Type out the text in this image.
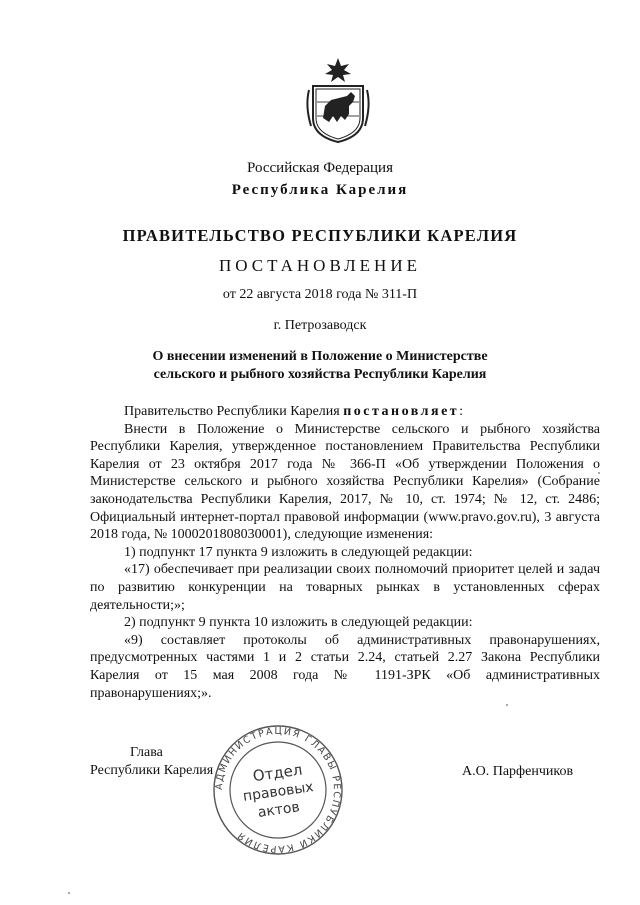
Российская Федерация
Республика Карелия
ПРАВИТЕЛЬСТВО РЕСПУБЛИКИ КАРЕЛИЯ
ПОСТАНОВЛЕНИЕ
от 22 августа 2018 года № 311-П
г. Петрозаводск
О внесении изменений в Положение о Министерстве
сельского и рыбного хозяйства Республики Карелия

Правительство Республики Карелия постановляет:

Внести в Положение о Министерстве сельского и рыбного хозяйства Республики Карелия, утвержденное постановлением Правительства Республики Карелия от 23 октября 2017 года № 366-П «Об утверждении Положения о Министерстве сельского и рыбного хозяйства Республики Карелия» (Собрание законодательства Республики Карелия, 2017, № 10, ст. 1974; № 12, ст. 2486; Официальный интернет-портал правовой информации (www.pravo.gov.ru), 3 августа 2018 года, № 1000201808030001), следующие изменения:

1) подпункт 17 пункта 9 изложить в следующей редакции:

«17) обеспечивает при реализации своих полномочий приоритет целей и задач по развитию конкуренции на товарных рынках в установленных сферах деятельности;»;

2) подпункт 9 пункта 10 изложить в следующей редакции:

«9) составляет протоколы об административных правонарушениях, предусмотренных частями 1 и 2 статьи 2.24, статьей 2.27 Закона Республики Карелия от 15 мая 2008 года № 1191-ЗРК «Об административных правонарушениях;».

Глава
Республики Карелия	А.О. Парфенчиков
АДМИНИСТРАЦИЯ ГЛАВЫ РЕСПУБЛИКИ КАРЕЛИЯ
Отдел
правовых
актов
